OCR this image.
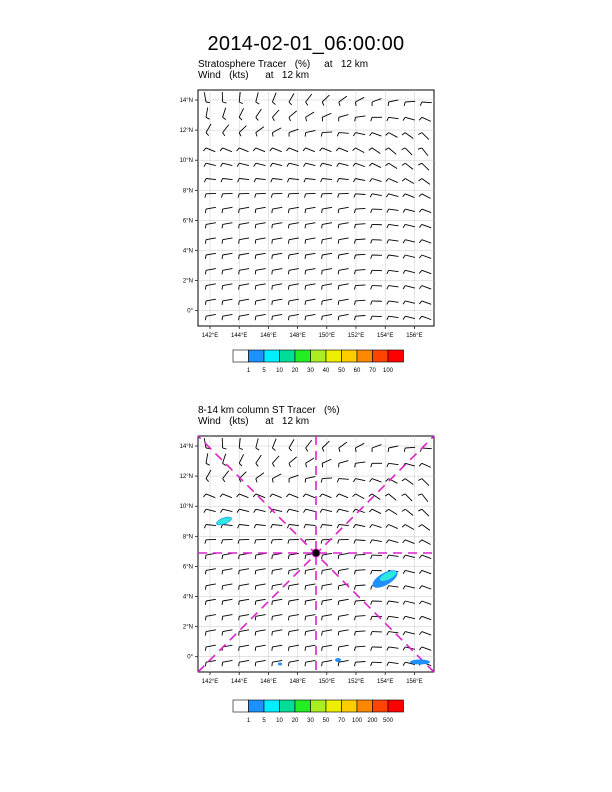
2014-02-01_06:00:00
Stratosphere Tracer   (%)     at   12 km
Wind   (kts)      at   12 km
14°N
12°N
10°N
8°N
6°N
4°N
2°N
0°
142°E 144°E 146°E 148°E 150°E 152°E 154°E 156°E
1 5 10 20 30 40 50 60 70 100
8-14 km column ST Tracer   (%)
Wind   (kts)      at   12 km
14°N
12°N
10°N
8°N
6°N
4°N
2°N
0°
142°E 144°E 146°E 148°E 150°E 152°E 154°E 156°E
1 5 10 20 30 50 70 100 200 500
